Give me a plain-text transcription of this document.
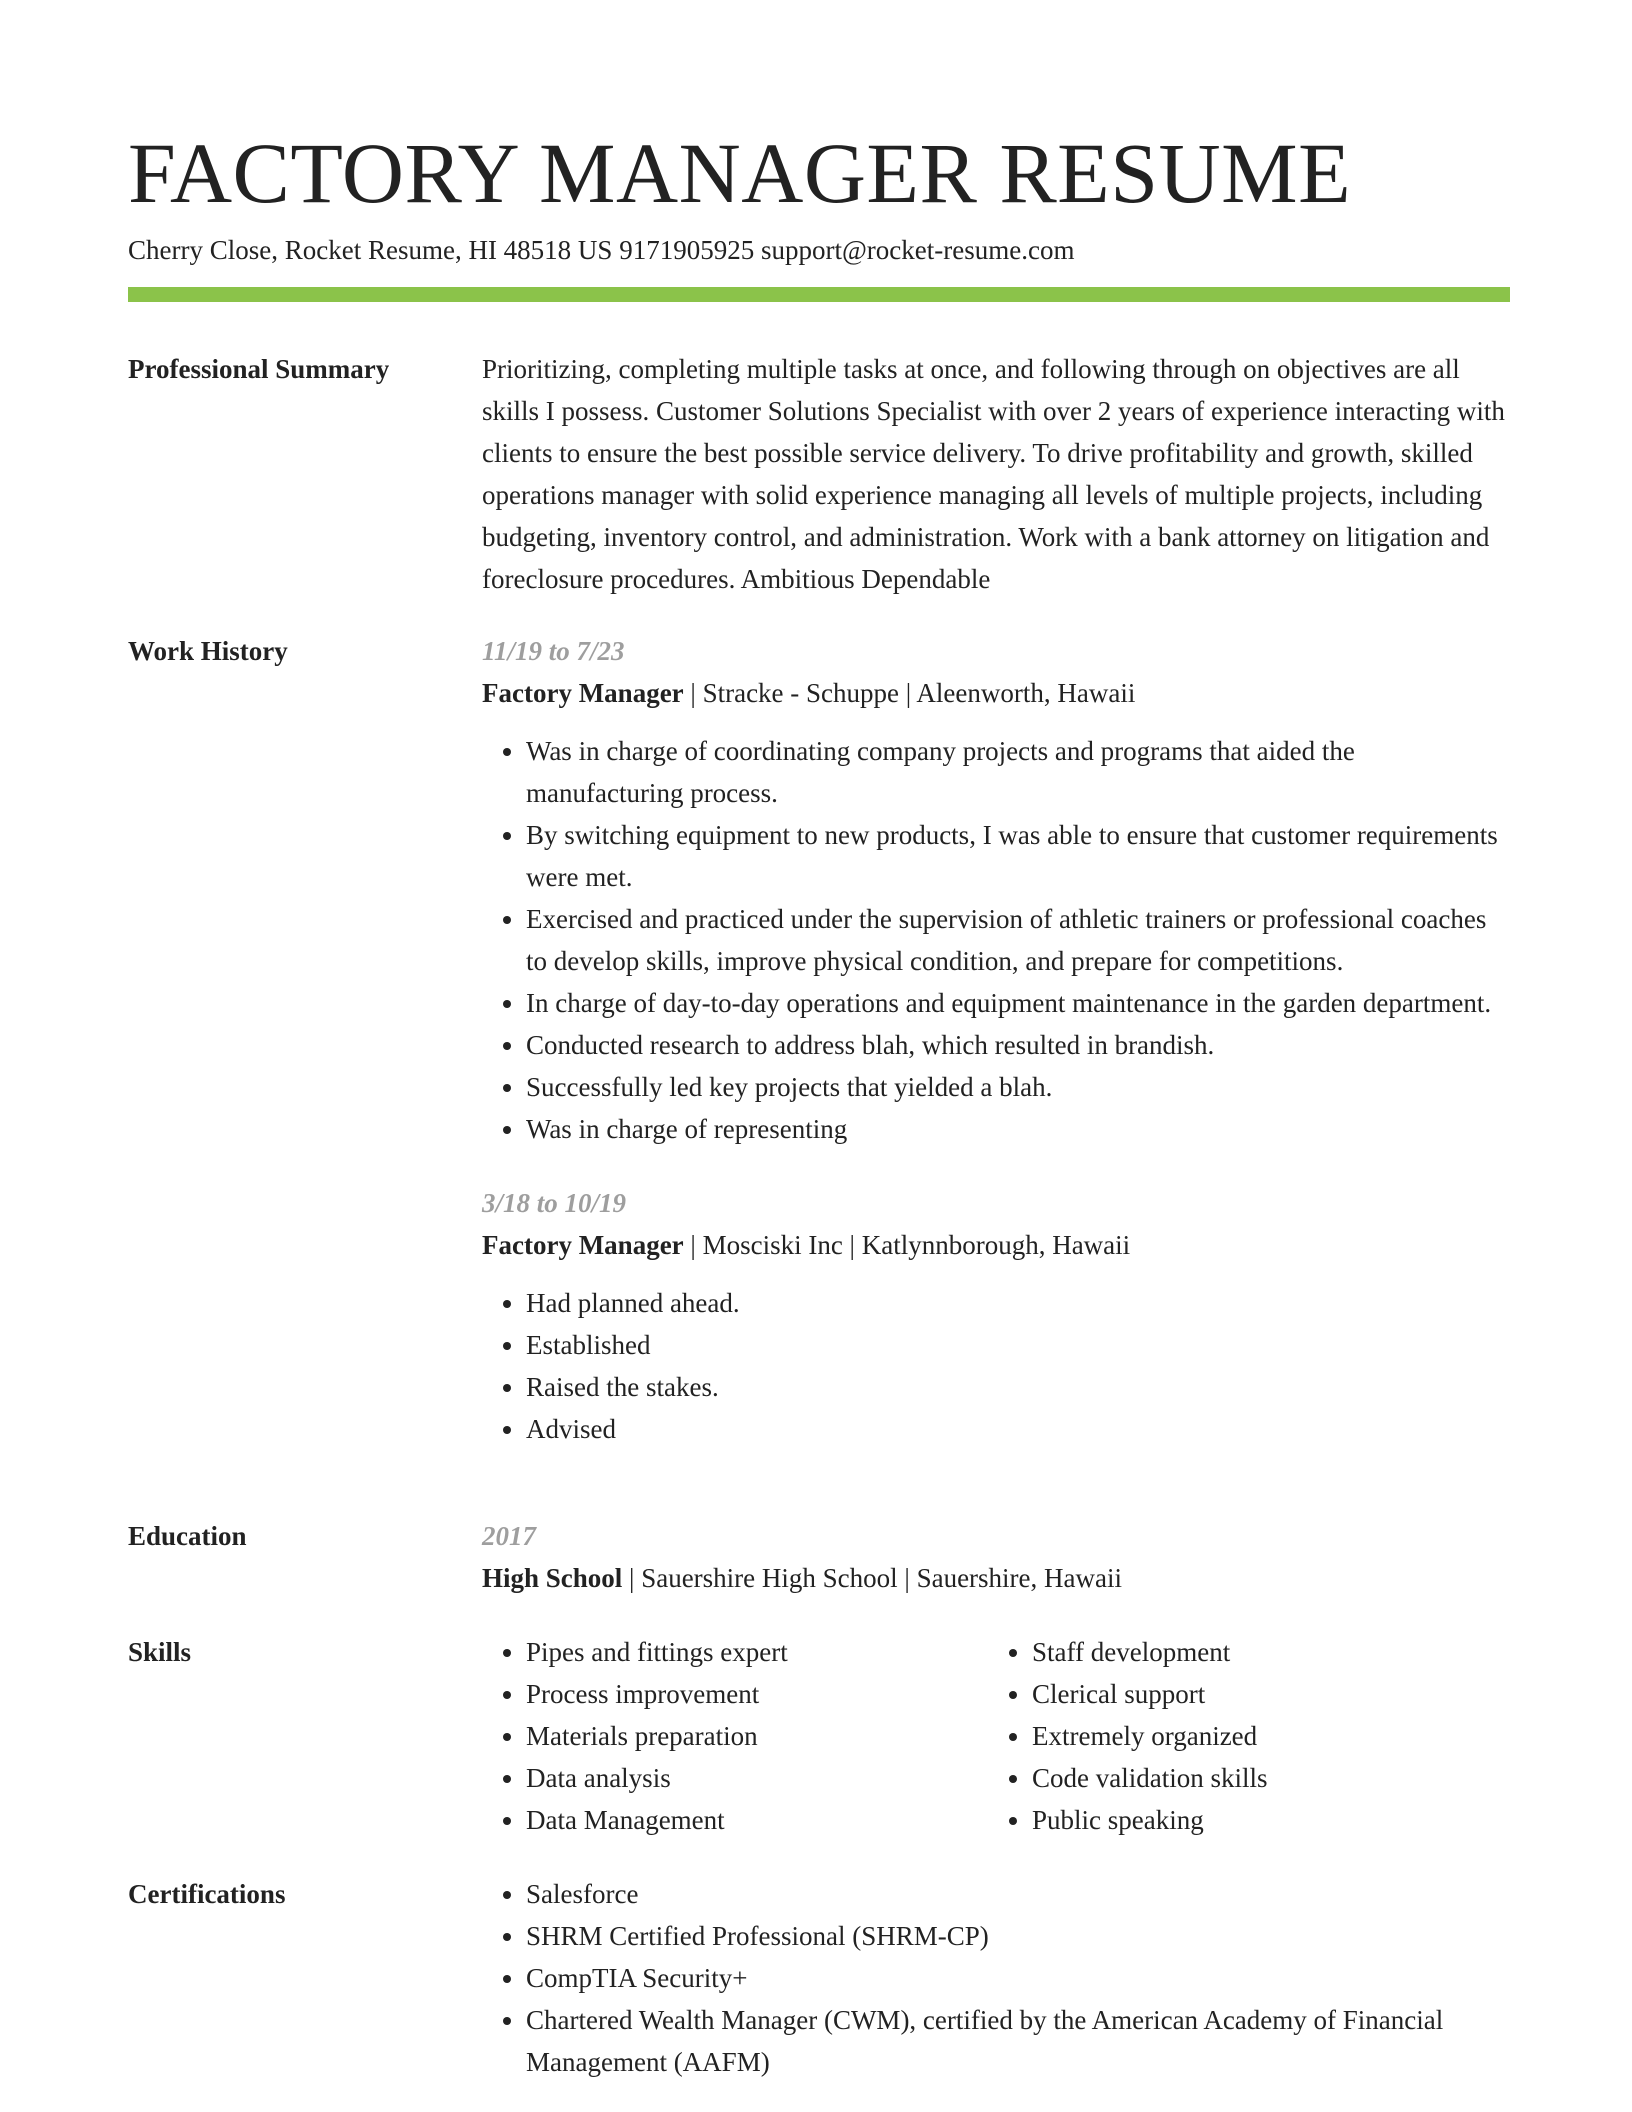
FACTORY MANAGER RESUME
Cherry Close, Rocket Resume, HI 48518 US 9171905925 support@rocket-resume.com
Professional Summary	Prioritizing, completing multiple tasks at once, and following through on objectives are all skills I possess. Customer Solutions Specialist with over 2 years of experience interacting with clients to ensure the best possible service delivery. To drive profitability and growth, skilled operations manager with solid experience managing all levels of multiple projects, including budgeting, inventory control, and administration. Work with a bank attorney on litigation and foreclosure procedures. Ambitious Dependable

Work History	11/19 to 7/23
Factory Manager | Stracke - Schuppe | Aleenworth, Hawaii
• Was in charge of coordinating company projects and programs that aided the manufacturing process.
• By switching equipment to new products, I was able to ensure that customer requirements were met.
• Exercised and practiced under the supervision of athletic trainers or professional coaches to develop skills, improve physical condition, and prepare for competitions.
• In charge of day-to-day operations and equipment maintenance in the garden department.
• Conducted research to address blah, which resulted in brandish.
• Successfully led key projects that yielded a blah.
• Was in charge of representing
3/18 to 10/19
Factory Manager | Mosciski Inc | Katlynnborough, Hawaii
• Had planned ahead.
• Established
• Raised the stakes.
• Advised
Education	2017
High School | Sauershire High School | Sauershire, Hawaii
Skills	• Pipes and fittings expert
• Process improvement
• Materials preparation
• Data analysis
• Data Management
• Staff development
• Clerical support
• Extremely organized
• Code validation skills
• Public speaking
Certifications	• Salesforce
• SHRM Certified Professional (SHRM-CP)
• CompTIA Security+
• Chartered Wealth Manager (CWM), certified by the American Academy of Financial Management (AAFM)
